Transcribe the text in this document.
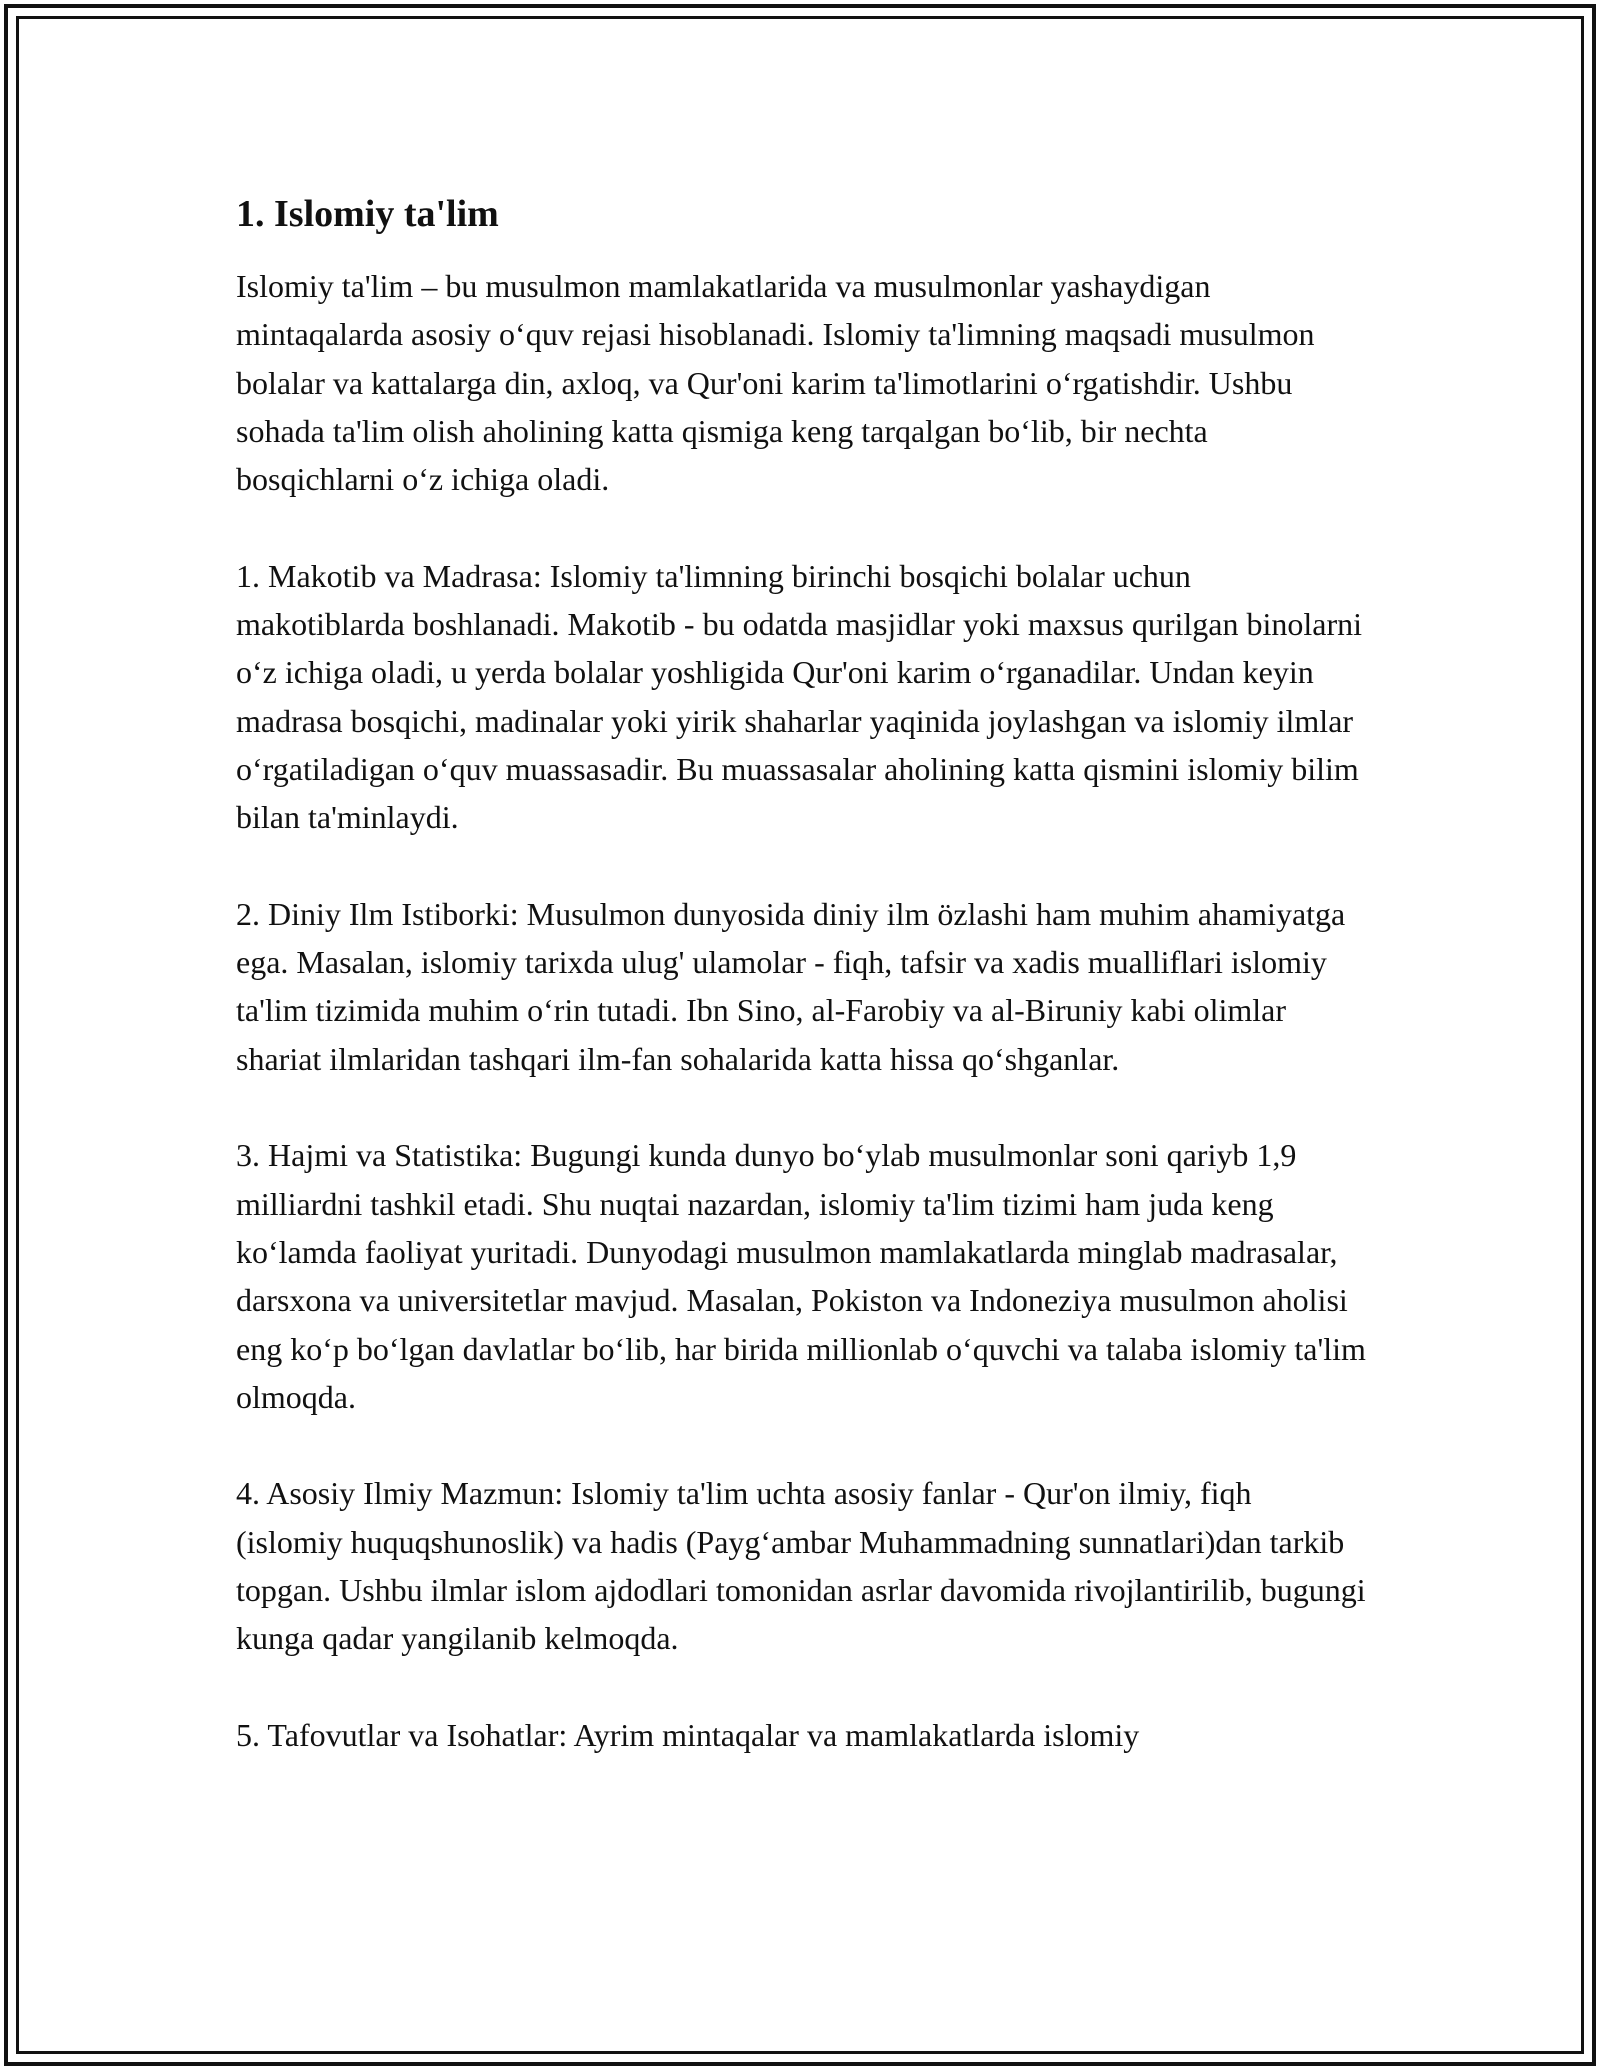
1. Islomiy ta'lim

Islomiy ta'lim – bu musulmon mamlakatlarida va musulmonlar yashaydigan mintaqalarda asosiy o‘quv rejasi hisoblanadi. Islomiy ta'limning maqsadi musulmon bolalar va kattalarga din, axloq, va Qur'oni karim ta'limotlarini o‘rgatishdir. Ushbu sohada ta'lim olish aholining katta qismiga keng tarqalgan bo‘lib, bir nechta bosqichlarni o‘z ichiga oladi.

1. Makotib va Madrasa: Islomiy ta'limning birinchi bosqichi bolalar uchun makotiblarda boshlanadi. Makotib - bu odatda masjidlar yoki maxsus qurilgan binolarni o‘z ichiga oladi, u yerda bolalar yoshligida Qur'oni karim o‘rganadilar. Undan keyin madrasa bosqichi, madinalar yoki yirik shaharlar yaqinida joylashgan va islomiy ilmlar o‘rgatiladigan o‘quv muassasadir. Bu muassasalar aholining katta qismini islomiy bilim bilan ta'minlaydi.

2. Diniy Ilm Istiborki: Musulmon dunyosida diniy ilm özlashi ham muhim ahamiyatga ega. Masalan, islomiy tarixda ulug' ulamolar - fiqh, tafsir va xadis mualliflari islomiy ta'lim tizimida muhim o‘rin tutadi. Ibn Sino, al-Farobiy va al-Biruniy kabi olimlar shariat ilmlaridan tashqari ilm-fan sohalarida katta hissa qo‘shganlar.

3. Hajmi va Statistika: Bugungi kunda dunyo bo‘ylab musulmonlar soni qariyb 1,9 milliardni tashkil etadi. Shu nuqtai nazardan, islomiy ta'lim tizimi ham juda keng ko‘lamda faoliyat yuritadi. Dunyodagi musulmon mamlakatlarda minglab madrasalar, darsxona va universitetlar mavjud. Masalan, Pokiston va Indoneziya musulmon aholisi eng ko‘p bo‘lgan davlatlar bo‘lib, har birida millionlab o‘quvchi va talaba islomiy ta'lim olmoqda.

4. Asosiy Ilmiy Mazmun: Islomiy ta'lim uchta asosiy fanlar - Qur'on ilmiy, fiqh (islomiy huquqshunoslik) va hadis (Payg‘ambar Muhammadning sunnatlari)dan tarkib topgan. Ushbu ilmlar islom ajdodlari tomonidan asrlar davomida rivojlantirilib, bugungi kunga qadar yangilanib kelmoqda.

5. Tafovutlar va Isohatlar: Ayrim mintaqalar va mamlakatlarda islomiy
